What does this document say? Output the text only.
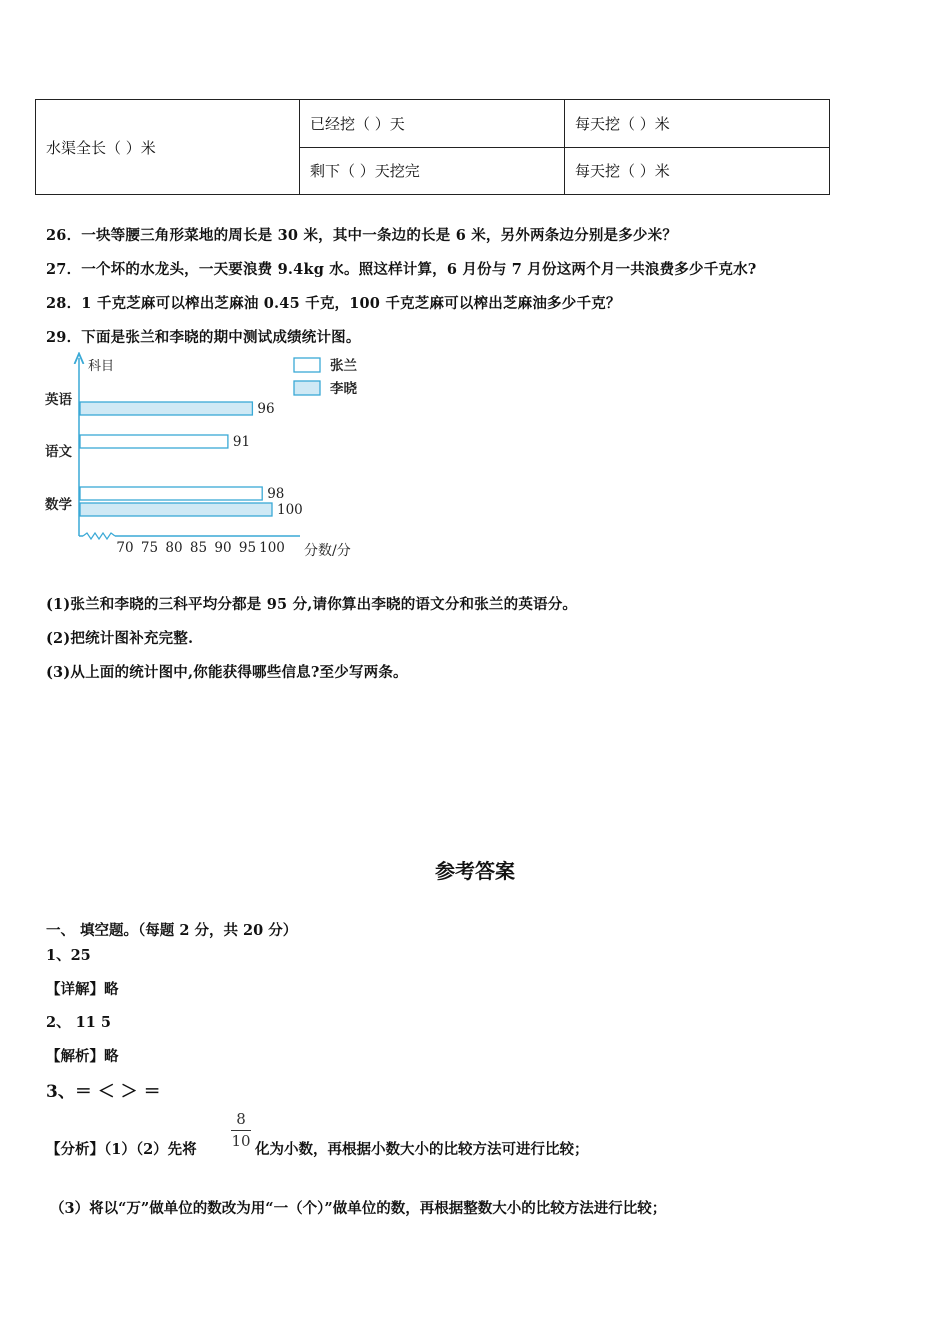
水渠全长（ ）米	已经挖（ ）天	每天挖（ ）米
	剩下（ ）天挖完	每天挖（ ）米
26．一块等腰三角形菜地的周长是 30 米，其中一条边的长是 6 米，另外两条边分别是多少米？
27．一个坏的水龙头，一天要浪费 9.4kg 水。照这样计算，6 月份与 7 月份这两个月一共浪费多少千克水?
28．1 千克芝麻可以榨出芝麻油 0.45 千克，100 千克芝麻可以榨出芝麻油多少千克？
29．下面是张兰和李晓的期中测试成绩统计图。
科目
分数/分
70 75 80 85 90 95 100
英语
语文
数学
91
98
96
100
张兰
李晓
(1)张兰和李晓的三科平均分都是 95 分,请你算出李晓的语文分和张兰的英语分。
(2)把统计图补充完整.
(3)从上面的统计图中,你能获得哪些信息?至少写两条。
参考答案
一、 填空题。（每题 2 分，共 20 分）
1、25
【详解】略
2、 11 5
【解析】略
3、＝ ＜ ＞ ＝
【分析】（1）（2）先将
8
10 化为小数，再根据小数大小的比较方法可进行比较；
（3）将以“万”做单位的数改为用“一（个）”做单位的数，再根据整数大小的比较方法进行比较；
